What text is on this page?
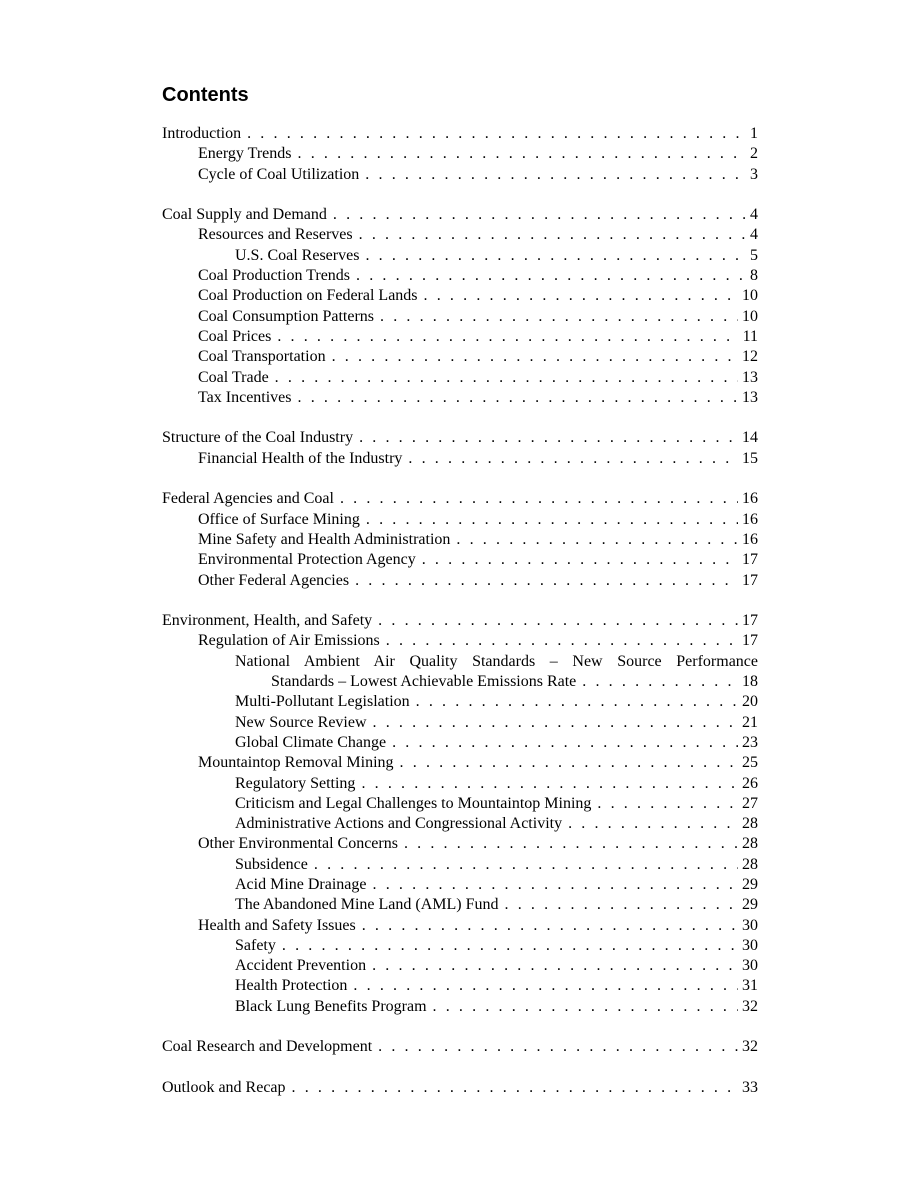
Contents
Introduction . . .	1
Energy Trends . . .	2
Cycle of Coal Utilization . . .	3
Coal Supply and Demand . . .	4
Resources and Reserves . . .	4
U.S. Coal Reserves . . .	5
Coal Production Trends . . .	8
Coal Production on Federal Lands . . .	10
Coal Consumption Patterns . . .	10
Coal Prices . . .	11
Coal Transportation . . .	12
Coal Trade . . .	13
Tax Incentives . . .	13
Structure of the Coal Industry . . .	14
Financial Health of the Industry . . .	15
Federal Agencies and Coal . . .	16
Office of Surface Mining . . .	16
Mine Safety and Health Administration . . .	16
Environmental Protection Agency . . .	17
Other Federal Agencies . . .	17
Environment, Health, and Safety . . .	17
Regulation of Air Emissions . . .	17
National Ambient Air Quality Standards – New Source Performance
Standards – Lowest Achievable Emissions Rate . . .	18
Multi-Pollutant Legislation . . .	20
New Source Review . . .	21
Global Climate Change . . .	23
Mountaintop Removal Mining . . .	25
Regulatory Setting . . .	26
Criticism and Legal Challenges to Mountaintop Mining . . .	27
Administrative Actions and Congressional Activity . . .	28
Other Environmental Concerns . . .	28
Subsidence . . .	28
Acid Mine Drainage . . .	29
The Abandoned Mine Land (AML) Fund . . .	29
Health and Safety Issues . . .	30
Safety . . .	30
Accident Prevention . . .	30
Health Protection . . .	31
Black Lung Benefits Program . . .	32
Coal Research and Development . . .	32
Outlook and Recap . . .	33
